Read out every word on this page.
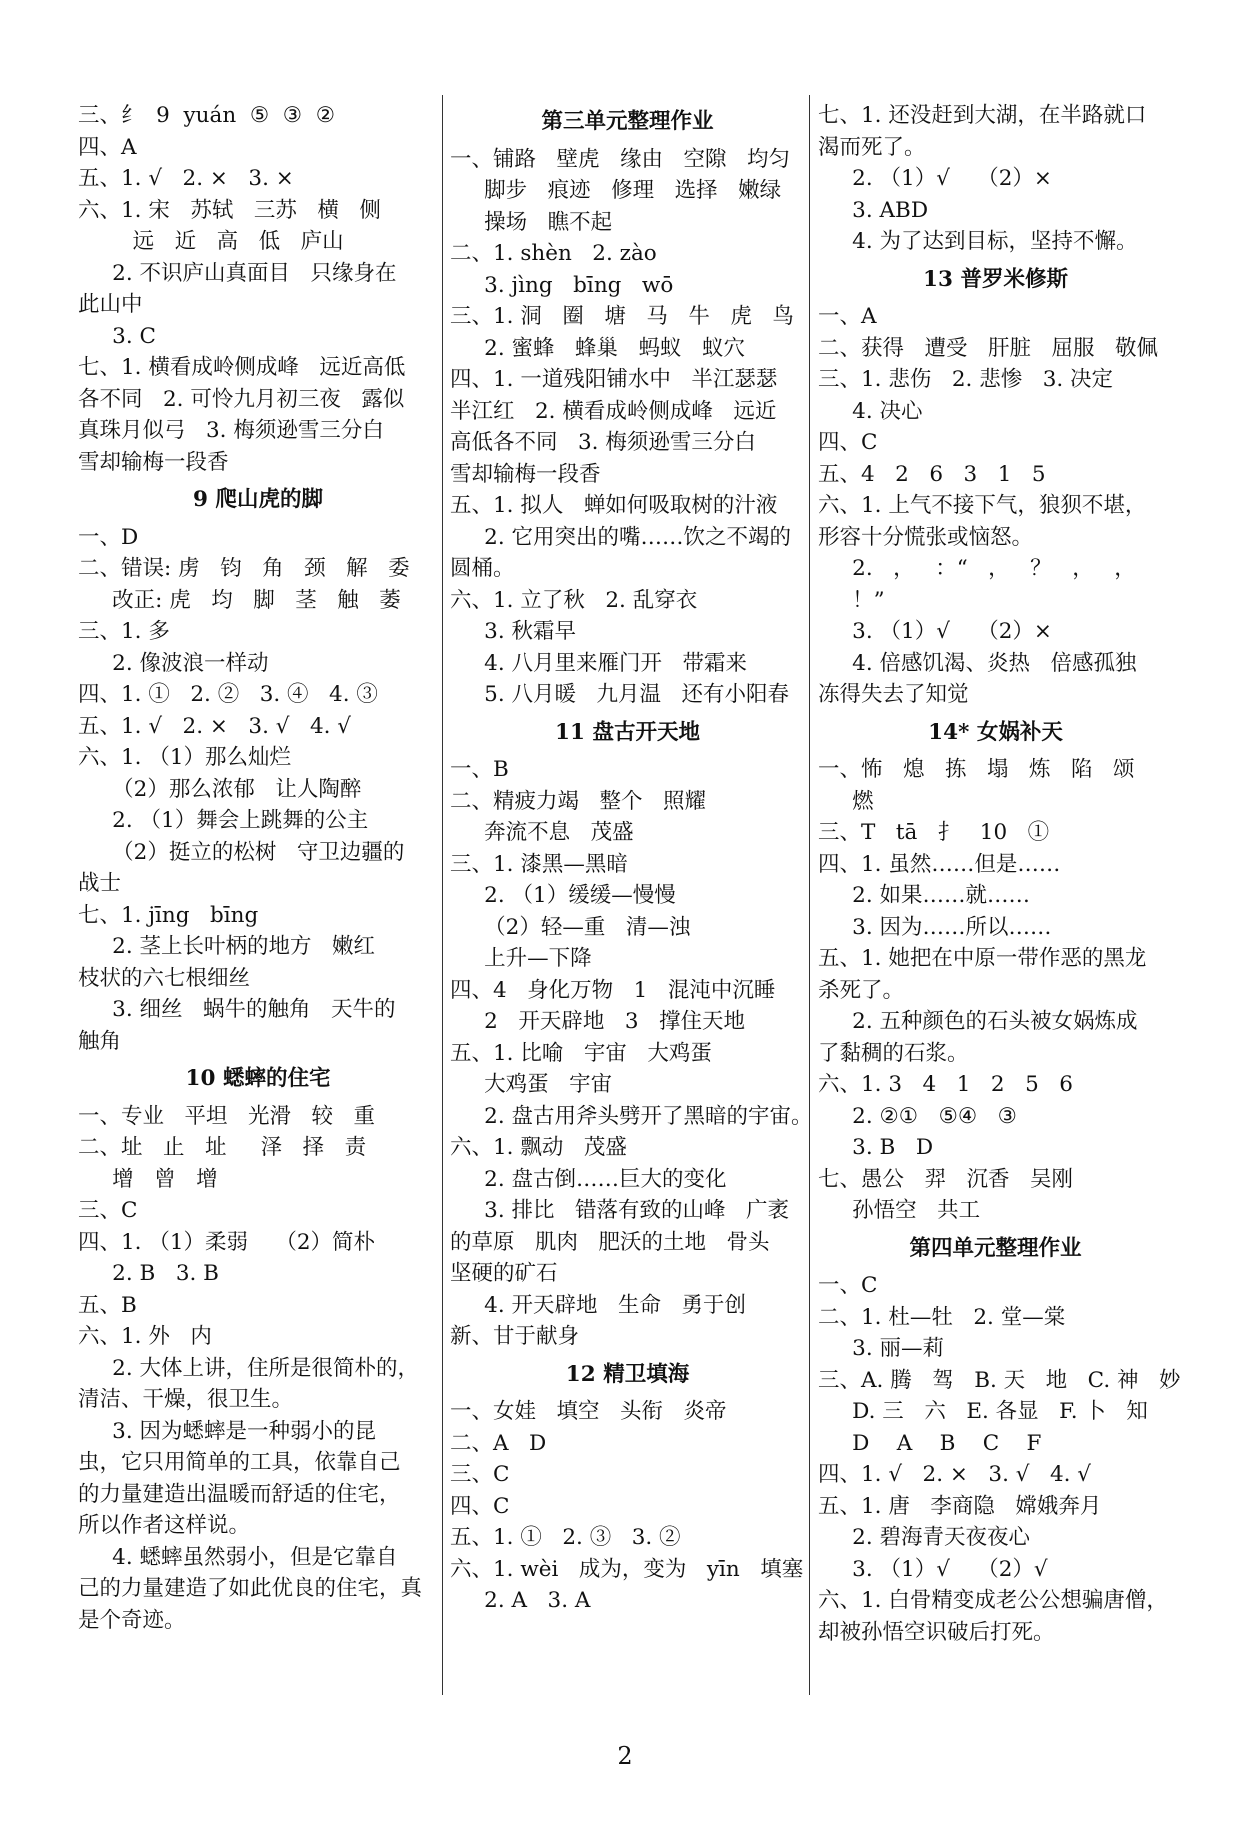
三、纟  9  yuán  ⑤  ③  ②
四、A
五、1. √   2. ×   3. ×
六、1. 宋   苏轼   三苏   横   侧
远   近   高   低   庐山
2. 不识庐山真面目   只缘身在
此山中
3. C
七、1. 横看成岭侧成峰   远近高低
各不同   2. 可怜九月初三夜   露似
真珠月似弓   3. 梅须逊雪三分白
雪却输梅一段香
9 爬山虎的脚
一、D
二、错误: 虏   钧   角   颈   解   委
改正: 虎   均   脚   茎   触   萎
三、1. 多
2. 像波浪一样动
四、1. ①   2. ②   3. ④   4. ③
五、1. √   2. ×   3. √   4. √
六、1. （1）那么灿烂
（2）那么浓郁   让人陶醉
2. （1）舞会上跳舞的公主
（2）挺立的松树   守卫边疆的
战士
七、1. jīng   bīng
2. 茎上长叶柄的地方   嫩红
枝状的六七根细丝
3. 细丝   蜗牛的触角   天牛的
触角
10 蟋蟀的住宅
一、专业   平坦   光滑   较   重
二、址   止   址     泽   择   责
增   曾   增
三、C
四、1. （1）柔弱    （2）简朴
2. B   3. B
五、B
六、1. 外   内
2. 大体上讲，住所是很简朴的，
清洁、干燥，很卫生。
3. 因为蟋蟀是一种弱小的昆
虫，它只用简单的工具，依靠自己
的力量建造出温暖而舒适的住宅，
所以作者这样说。
4. 蟋蟀虽然弱小，但是它靠自
己的力量建造了如此优良的住宅，真
是个奇迹。
第三单元整理作业
一、铺路   壁虎   缘由   空隙   均匀
脚步   痕迹   修理   选择   嫩绿
操场   瞧不起
二、1. shèn   2. zào
3. jìng   bīng   wō
三、1. 洞   圈   塘   马   牛   虎   鸟
2. 蜜蜂   蜂巢   蚂蚁   蚁穴
四、1. 一道残阳铺水中   半江瑟瑟
半江红   2. 横看成岭侧成峰   远近
高低各不同   3. 梅须逊雪三分白
雪却输梅一段香
五、1. 拟人   蝉如何吸取树的汁液
2. 它用突出的嘴……饮之不竭的
圆桶。
六、1. 立了秋   2. 乱穿衣
3. 秋霜早
4. 八月里来雁门开   带霜来
5. 八月暖   九月温   还有小阳春
11 盘古开天地
一、B
二、精疲力竭   整个   照耀
奔流不息   茂盛
三、1. 漆黑—黑暗
2. （1）缓缓—慢慢
（2）轻—重   清—浊
上升—下降
四、4   身化万物   1   混沌中沉睡
2   开天辟地   3   撑住天地
五、1. 比喻   宇宙   大鸡蛋
大鸡蛋   宇宙
2. 盘古用斧头劈开了黑暗的宇宙。
六、1. 飘动   茂盛
2. 盘古倒……巨大的变化
3. 排比   错落有致的山峰   广袤
的草原   肌肉   肥沃的土地   骨头
坚硬的矿石
4. 开天辟地   生命   勇于创
新、甘于献身
12 精卫填海
一、女娃   填空   头衔   炎帝
二、A   D
三、C
四、C
五、1. ①   2. ③   3. ②
六、1. wèi   成为，变为   yīn   填塞
2. A   3. A
七、1. 还没赶到大湖，在半路就口
渴而死了。
2. （1）√    （2）×
3. ABD
4. 为了达到目标，坚持不懈。
13 普罗米修斯
一、A
二、获得   遭受   肝脏   屈服   敬佩
三、1. 悲伤   2. 悲惨   3. 决定
4. 决心
四、C
五、4   2   6   3   1   5
六、1. 上气不接下气，狼狈不堪，
形容十分慌张或恼怒。
2.   ，   ：“   ，   ？   ，   ，
！”
3. （1）√    （2）×
4. 倍感饥渴、炎热   倍感孤独
冻得失去了知觉
14* 女娲补天
一、怖   熄   拣   塌   炼   陷   颂
燃
三、T   tā   扌   10   ①
四、1. 虽然……但是……
2. 如果……就……
3. 因为……所以……
五、1. 她把在中原一带作恶的黑龙
杀死了。
2. 五种颜色的石头被女娲炼成
了黏稠的石浆。
六、1. 3   4   1   2   5   6
2. ②①   ⑤④   ③
3. B   D
七、愚公   羿   沉香   吴刚
孙悟空   共工
第四单元整理作业
一、C
二、1. 杜—牡   2. 堂—棠
3. 丽—莉
三、A. 腾   驾   B. 天   地   C. 神   妙
D. 三   六   E. 各显   F. 卜   知
D    A    B    C    F
四、1. √   2. ×   3. √   4. √
五、1. 唐   李商隐   嫦娥奔月
2. 碧海青天夜夜心
3. （1）√    （2）√
六、1. 白骨精变成老公公想骗唐僧，
却被孙悟空识破后打死。
2
